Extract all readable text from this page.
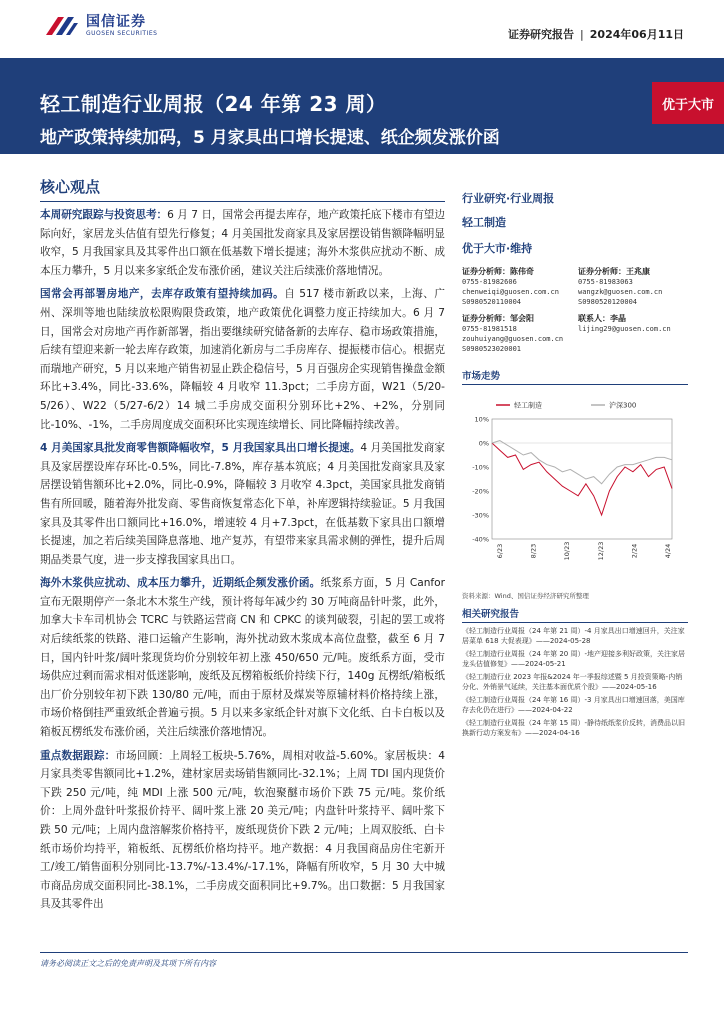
国信证券
GUOSEN SECURITIES	证券研究报告 | 2024年06月11日
轻工制造行业周报（24 年第 23 周）
地产政策持续加码，5 月家具出口增长提速、纸企频发涨价函
优于大市
核心观点

本周研究跟踪与投资思考：6 月 7 日，国常会再提去库存，地产政策托底下楼市有望边际向好，家居龙头估值有望先行修复；4 月美国批发商家具及家居摆设销售额降幅明显收窄，5 月我国家具及其零件出口额在低基数下增长提速；海外木浆供应扰动不断、成本压力攀升，5 月以来多家纸企发布涨价函，建议关注后续涨价落地情况。

国常会再部署房地产，去库存政策有望持续加码。自 517 楼市新政以来，上海、广州、深圳等地也陆续放松限购限贷政策，地产政策优化调整力度正持续加大。6 月 7 日，国常会对房地产再作新部署，指出要继续研究储备新的去库存、稳市场政策措施，后续有望迎来新一轮去库存政策，加速消化新房与二手房库存、提振楼市信心。根据克而瑞地产研究，5 月以来地产销售初显止跌企稳信号，5 月百强房企实现销售操盘金额环比+3.4%，同比-33.6%，降幅较 4 月收窄 11.3pct；二手房方面，W21（5/20-5/26）、W22（5/27-6/2）14 城二手房成交面积分别环比+2%、+2%，分别同比-10%、-1%，二手房周度成交面积环比实现连续增长、同比降幅持续改善。

4 月美国家具批发商零售额降幅收窄，5 月我国家具出口增长提速。4 月美国批发商家具及家居摆设库存环比-0.5%，同比-7.8%，库存基本筑底；4 月美国批发商家具及家居摆设销售额环比+2.0%，同比-0.9%，降幅较 3 月收窄 4.3pct，美国家具批发商销售有所回暖，随着海外批发商、零售商恢复常态化下单，补库逻辑持续验证。5 月我国家具及其零件出口额同比+16.0%，增速较 4 月+7.3pct，在低基数下家具出口额增长提速，加之若后续美国降息落地、地产复苏，有望带来家具需求侧的弹性，提升后周期品类景气度，进一步支撑我国家具出口。

海外木浆供应扰动、成本压力攀升，近期纸企频发涨价函。纸浆系方面，5 月 Canfor 宣布无限期停产一条北木木浆生产线，预计将每年减少约 30 万吨商品针叶浆，此外，加拿大卡车司机协会 TCRC 与铁路运营商 CN 和 CPKC 的谈判破裂，引起的罢工或将对后续纸浆的铁路、港口运输产生影响，海外扰动致木浆成本高位盘整，截至 6 月 7 日，国内针叶浆/阔叶浆现货均价分别较年初上涨 450/650 元/吨。废纸系方面，受市场供应过剩而需求相对低迷影响，废纸及瓦楞箱板纸价持续下行，140g 瓦楞纸/箱板纸出厂价分别较年初下跌 130/80 元/吨，而由于原材及煤炭等原辅材料价格持续上涨，市场价格倒挂严重致纸企普遍亏损。5 月以来多家纸企针对旗下文化纸、白卡白板以及箱板瓦楞纸发布涨价函，关注后续涨价落地情况。

重点数据跟踪：市场回顾：上周轻工板块-5.76%，周相对收益-5.60%。家居板块：4 月家具类零售额同比+1.2%，建材家居卖场销售额同比-32.1%；上周 TDI 国内现货价下跌 250 元/吨，纯 MDI 上涨 500 元/吨，软泡聚醚市场价下跌 75 元/吨。浆价纸价：上周外盘针叶浆报价持平、阔叶浆上涨 20 美元/吨；内盘针叶浆持平、阔叶浆下跌 50 元/吨；上周内盘溶解浆价格持平，废纸现货价下跌 2 元/吨；上周双胶纸、白卡纸市场价均持平，箱板纸、瓦楞纸价格均持平。地产数据：4 月我国商品房住宅新开工/竣工/销售面积分别同比-13.7%/-13.4%/-17.1%，降幅有所收窄，5 月 30 大中城市商品房成交面积同比-38.1%，二手房成交面积同比+9.7%。出口数据：5 月我国家具及其零件出

行业研究·行业周报
轻工制造
优于大市·维持
证券分析师：陈伟奇
0755-81982606
chenweiqi@guosen.com.cn
S0980520110004
证券分析师：王兆康
0755-81983063
wangzk@guosen.com.cn
S0980520120004
证券分析师：邹会阳
0755-81981518
zouhuiyang@guosen.com.cn
S0980523020001
联系人：李晶
lijing29@guosen.com.cn
市场走势
10%
0%
-10%
-20%
-30%
-40%
6/23	8/23	10/23	12/23	2/24	4/24
轻工制造	沪深300
资料来源：Wind、国信证券经济研究所整理
相关研究报告
《轻工制造行业周报（24 年第 21 周）-4 月家具出口增速回升，关注家居菜单 618 大促表现》——2024-05-28
《轻工制造行业周报（24 年第 20 周）-地产迎接多利好政策，关注家居龙头估值修复》——2024-05-21
《轻工制造行业 2023 年报&2024 年一季报综述暨 5 月投资策略-内销分化、外销景气延续，关注基本面优质个股》——2024-05-16
《轻工制造行业周报（24 年第 16 周）-3 月家具出口增速回落，美国库存去化仍在进行》——2024-04-22
《轻工制造行业周报（24 年第 15 周）-静待纸纸浆价反转，消费品以旧换新行动方案发布》——2024-04-16
请务必阅读正文之后的免责声明及其项下所有内容
